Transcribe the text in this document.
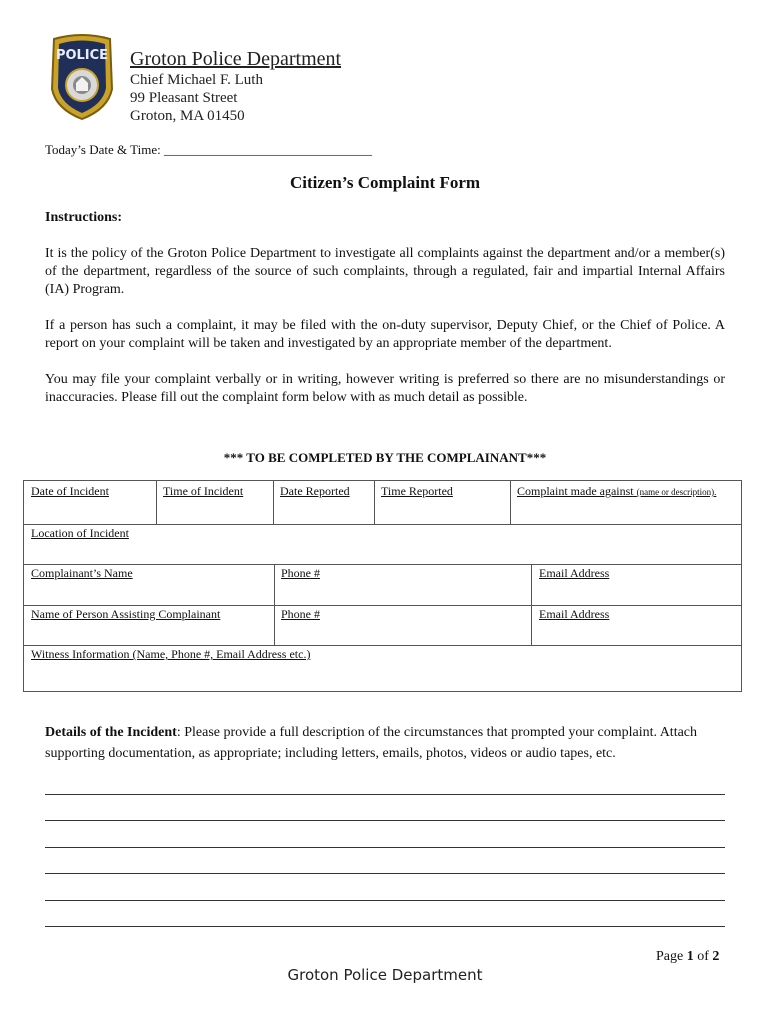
POLICE Groton Police Department
Chief Michael F. Luth
99 Pleasant Street
Groton, MA 01450
Today’s Date & Time: ________________________________
Citizen’s Complaint Form
Instructions:
It is the policy of the Groton Police Department to investigate all complaints against the department and/or a member(s) of the department, regardless of the source of such complaints, through a regulated, fair and impartial Internal Affairs (IA) Program.
If a person has such a complaint, it may be filed with the on-duty supervisor, Deputy Chief, or the Chief of Police. A report on your complaint will be taken and investigated by an appropriate member of the department.
You may file your complaint verbally or in writing, however writing is preferred so there are no misunderstandings or inaccuracies. Please fill out the complaint form below with as much detail as possible.
*** TO BE COMPLETED BY THE COMPLAINANT***
Date of Incident	Time of Incident	Date Reported	Time Reported	Complaint made against (name or description).
Location of Incident
Complainant’s Name	Phone #	Email Address
Name of Person Assisting Complainant	Phone #	Email Address
Witness Information (Name, Phone #, Email Address etc.)
Details of the Incident: Please provide a full description of the circumstances that prompted your complaint. Attach supporting documentation, as appropriate; including letters, emails, photos, videos or audio tapes, etc.
Page 1 of 2
Groton Police Department
